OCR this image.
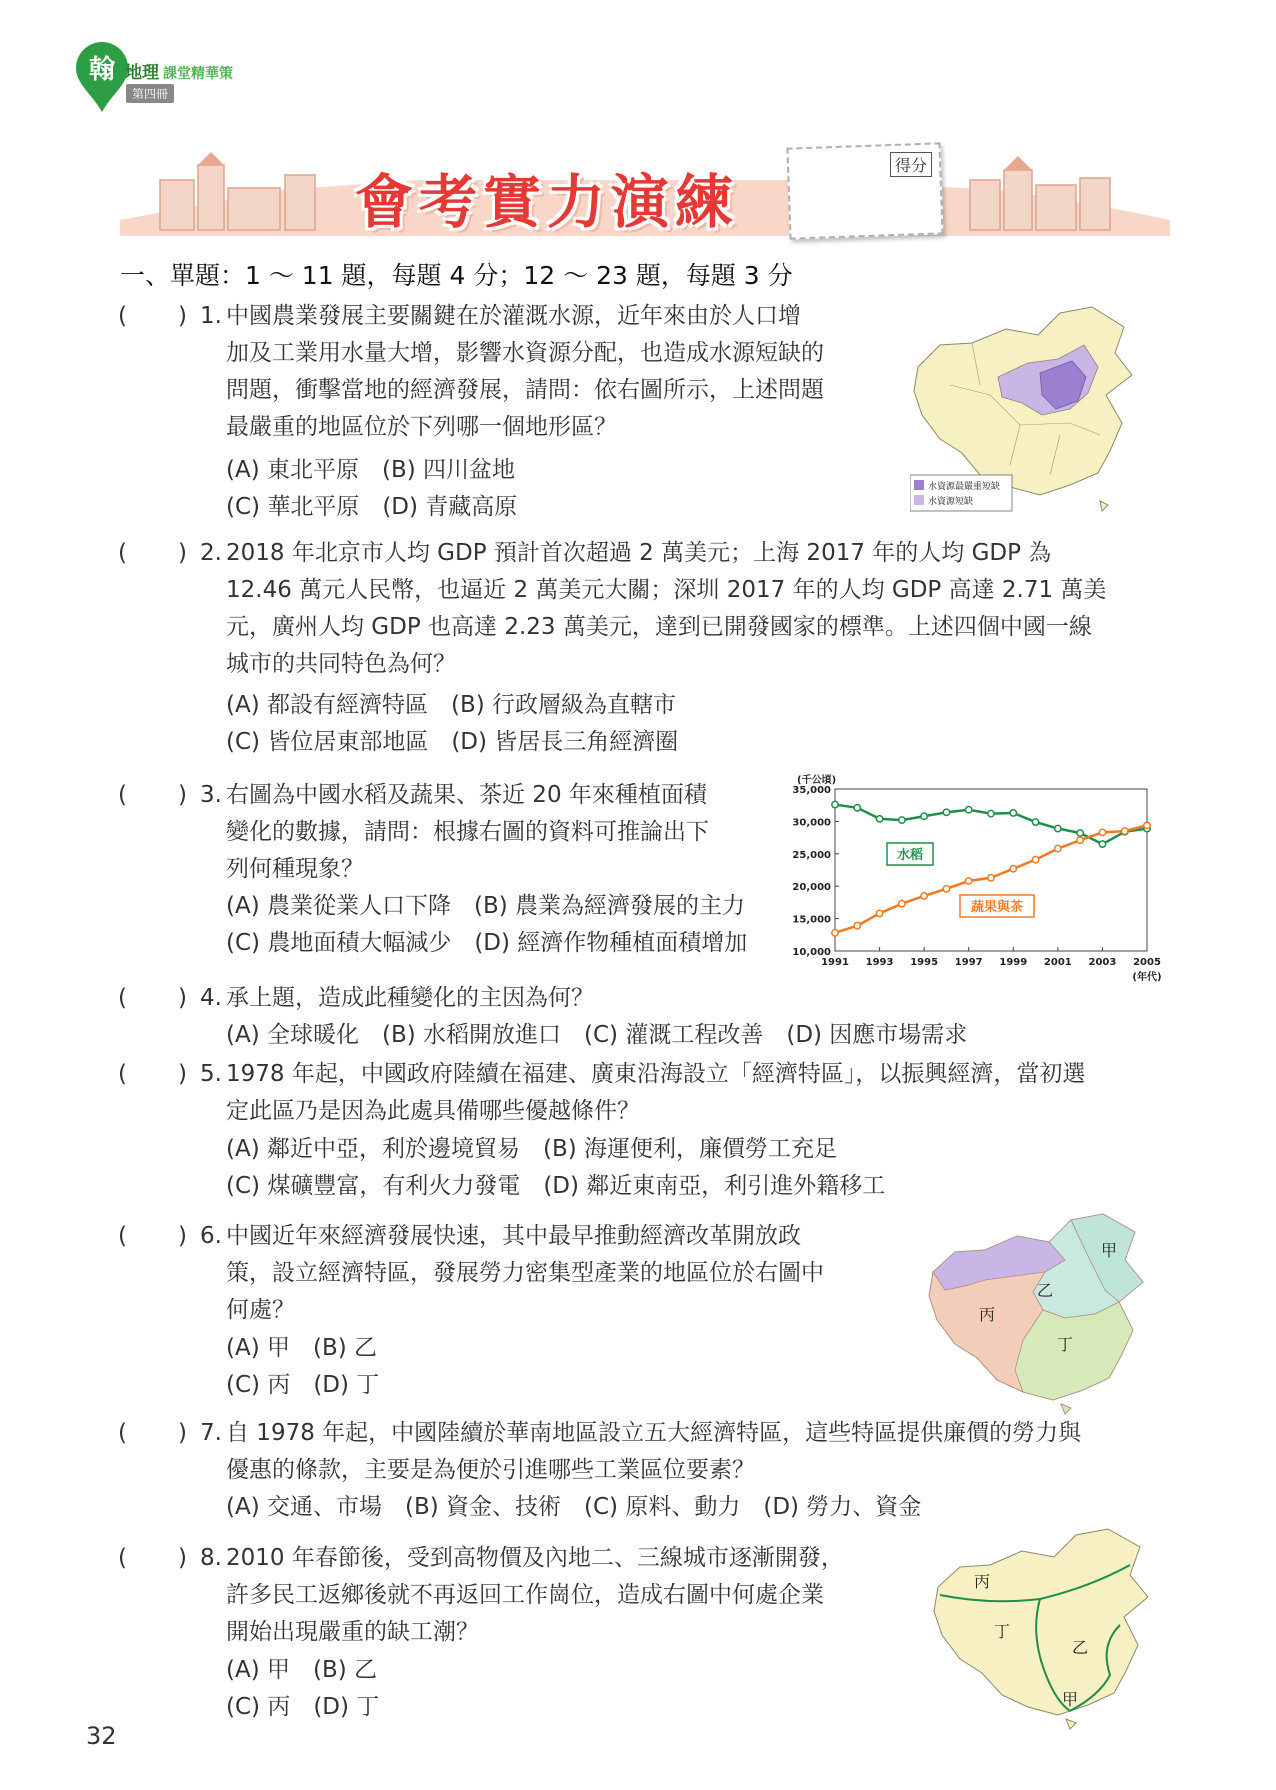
翰 地理 課堂精華策
第四冊
會考實力演練
得分
一、單題：1 ～ 11 題，每題 4 分；12 ～ 23 題，每題 3 分
( ) 1. 中國農業發展主要關鍵在於灌溉水源，近年來由於人口增
加及工業用水量大增，影響水資源分配，也造成水源短缺的
問題，衝擊當地的經濟發展，請問：依右圖所示，上述問題
最嚴重的地區位於下列哪一個地形區？
(A) 東北平原　(B) 四川盆地
(C) 華北平原　(D) 青藏高原
水資源最嚴重短缺
水資源短缺
( ) 2. 2018 年北京市人均 GDP 預計首次超過 2 萬美元；上海 2017 年的人均 GDP 為
12.46 萬元人民幣，也逼近 2 萬美元大關；深圳 2017 年的人均 GDP 高達 2.71 萬美
元，廣州人均 GDP 也高達 2.23 萬美元，達到已開發國家的標準。上述四個中國一線
城市的共同特色為何？
(A) 都設有經濟特區　(B) 行政層級為直轄市
(C) 皆位居東部地區　(D) 皆居長三角經濟圈
( ) 3. 右圖為中國水稻及蔬果、茶近 20 年來種植面積
變化的數據，請問：根據右圖的資料可推論出下
列何種現象？
(A) 農業從業人口下降　(B) 農業為經濟發展的主力
(C) 農地面積大幅減少　(D) 經濟作物種植面積增加
(千公頃)
(年代)
10,000
15,000
20,000
25,000
30,000
35,000
1991 1993 1995 1997 1999 2001 2003 2005
水稻
蔬果與茶
( ) 4. 承上題，造成此種變化的主因為何？
(A) 全球暖化　(B) 水稻開放進口　(C) 灌溉工程改善　(D) 因應市場需求
( ) 5. 1978 年起，中國政府陸續在福建、廣東沿海設立「經濟特區」，以振興經濟，當初選
定此區乃是因為此處具備哪些優越條件？
(A) 鄰近中亞，利於邊境貿易　(B) 海運便利，廉價勞工充足
(C) 煤礦豐富，有利火力發電　(D) 鄰近東南亞，利引進外籍移工
( ) 6. 中國近年來經濟發展快速，其中最早推動經濟改革開放政
策，設立經濟特區，發展勞力密集型產業的地區位於右圖中
何處？
(A) 甲　(B) 乙
(C) 丙　(D) 丁
甲
乙
丙
丁
( ) 7. 自 1978 年起，中國陸續於華南地區設立五大經濟特區，這些特區提供廉價的勞力與
優惠的條款，主要是為便於引進哪些工業區位要素？
(A) 交通、市場　(B) 資金、技術　(C) 原料、動力　(D) 勞力、資金
( ) 8. 2010 年春節後，受到高物價及內地二、三線城市逐漸開發，
許多民工返鄉後就不再返回工作崗位，造成右圖中何處企業
開始出現嚴重的缺工潮？
(A) 甲　(B) 乙
(C) 丙　(D) 丁
丙
丁
乙
甲
32
